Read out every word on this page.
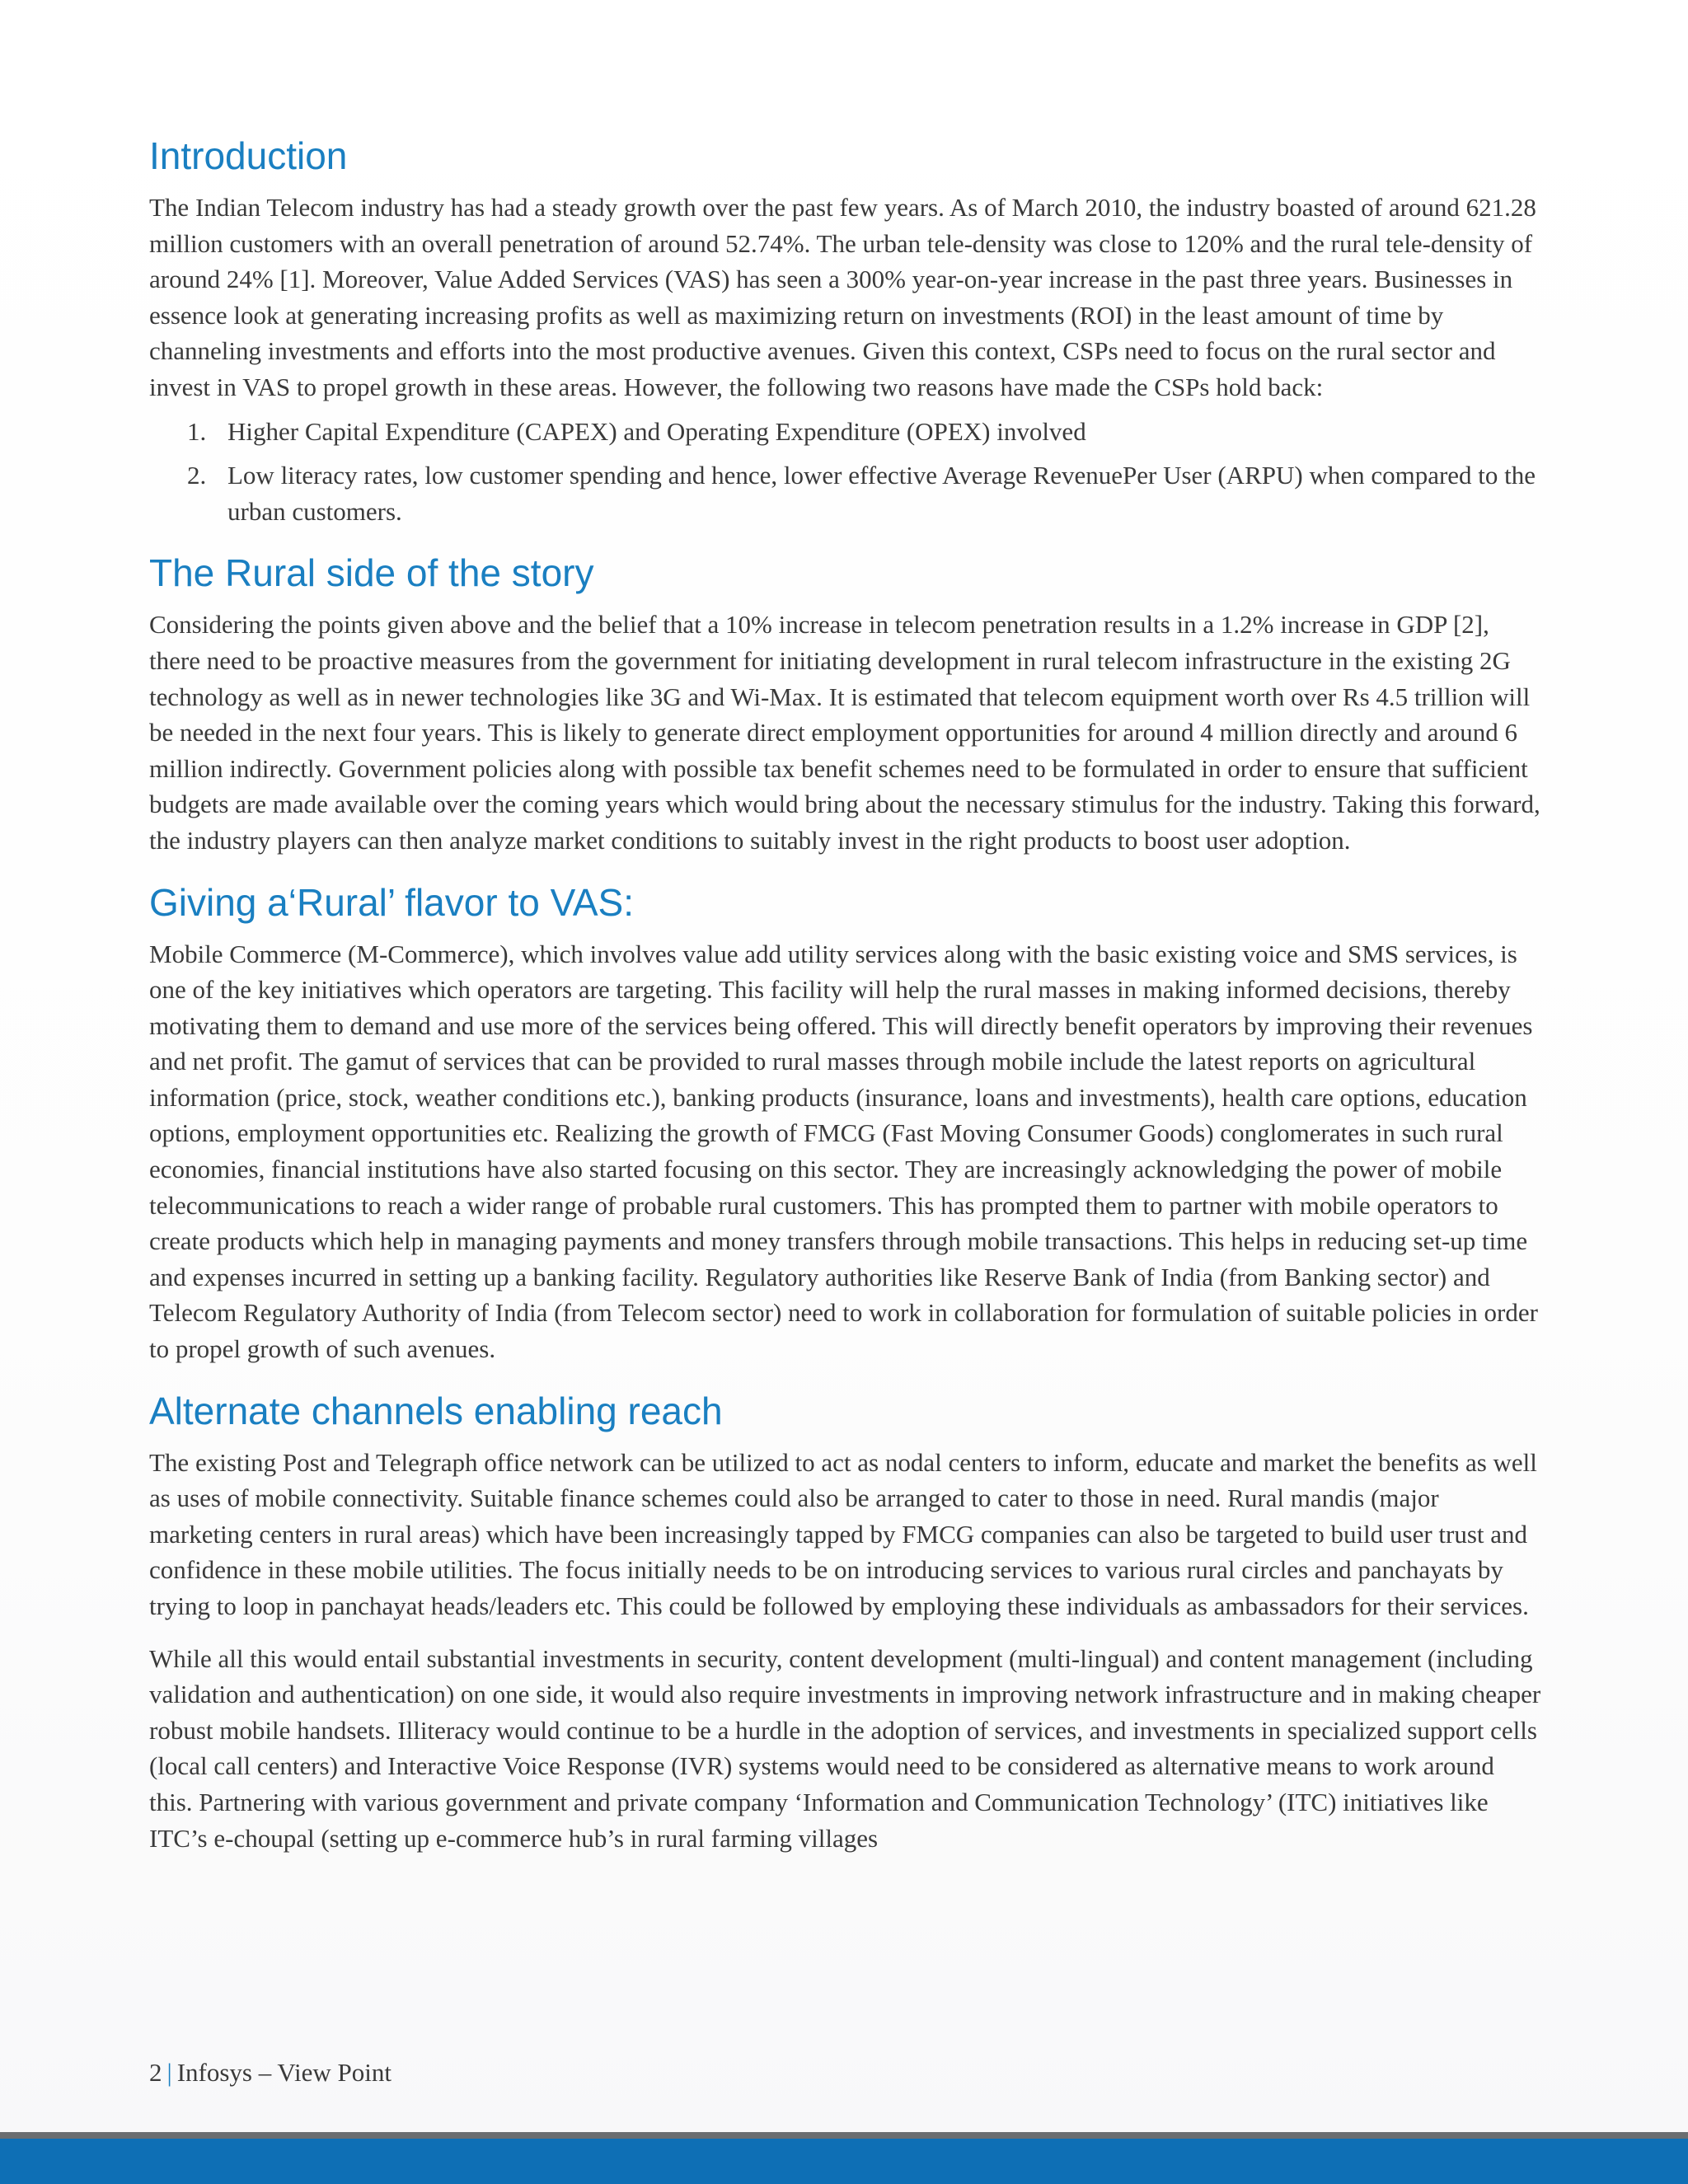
Introduction

The Indian Telecom industry has had a steady growth over the past few years. As of March 2010, the industry boasted of around 621.28 million customers with an overall penetration of around 52.74%. The urban tele-density was close to 120% and the rural tele-density of around 24% [1]. Moreover, Value Added Services (VAS) has seen a 300% year-on-year increase in the past three years. Businesses in essence look at generating increasing profits as well as maximizing return on investments (ROI) in the least amount of time by channeling investments and efforts into the most productive avenues. Given this context, CSPs need to focus on the rural sector and invest in VAS to propel growth in these areas. However, the following two reasons have made the CSPs hold back:

1. Higher Capital Expenditure (CAPEX) and Operating Expenditure (OPEX) involved
2. Low literacy rates, low customer spending and hence, lower effective Average RevenuePer User (ARPU) when compared to the urban customers.
The Rural side of the story

Considering the points given above and the belief that a 10% increase in telecom penetration results in a 1.2% increase in GDP [2], there need to be proactive measures from the government for initiating development in rural telecom infrastructure in the existing 2G technology as well as in newer technologies like 3G and Wi-Max. It is estimated that telecom equipment worth over Rs 4.5 trillion will be needed in the next four years. This is likely to generate direct employment opportunities for around 4 million directly and around 6 million indirectly. Government policies along with possible tax benefit schemes need to be formulated in order to ensure that sufficient budgets are made available over the coming years which would bring about the necessary stimulus for the industry. Taking this forward, the industry players can then analyze market conditions to suitably invest in the right products to boost user adoption.

Giving a‘Rural’ flavor to VAS:

Mobile Commerce (M-Commerce), which involves value add utility services along with the basic existing voice and SMS services, is one of the key initiatives which operators are targeting. This facility will help the rural masses in making informed decisions, thereby motivating them to demand and use more of the services being offered. This will directly benefit operators by improving their revenues and net profit. The gamut of services that can be provided to rural masses through mobile include the latest reports on agricultural information (price, stock, weather conditions etc.), banking products (insurance, loans and investments), health care options, education options, employment opportunities etc. Realizing the growth of FMCG (Fast Moving Consumer Goods) conglomerates in such rural economies, financial institutions have also started focusing on this sector. They are increasingly acknowledging the power of mobile telecommunications to reach a wider range of probable rural customers. This has prompted them to partner with mobile operators to create products which help in managing payments and money transfers through mobile transactions. This helps in reducing set-up time and expenses incurred in setting up a banking facility. Regulatory authorities like Reserve Bank of India (from Banking sector) and Telecom Regulatory Authority of India (from Telecom sector) need to work in collaboration for formulation of suitable policies in order to propel growth of such avenues.

Alternate channels enabling reach

The existing Post and Telegraph office network can be utilized to act as nodal centers to inform, educate and market the benefits as well as uses of mobile connectivity. Suitable finance schemes could also be arranged to cater to those in need. Rural mandis (major marketing centers in rural areas) which have been increasingly tapped by FMCG companies can also be targeted to build user trust and confidence in these mobile utilities. The focus initially needs to be on introducing services to various rural circles and panchayats by trying to loop in panchayat heads/leaders etc. This could be followed by employing these individuals as ambassadors for their services.

While all this would entail substantial investments in security, content development (multi-lingual) and content management (including validation and authentication) on one side, it would also require investments in improving network infrastructure and in making cheaper robust mobile handsets. Illiteracy would continue to be a hurdle in the adoption of services, and investments in specialized support cells (local call centers) and Interactive Voice Response (IVR) systems would need to be considered as alternative means to work around this. Partnering with various government and private company ‘Information and Communication Technology’ (ITC) initiatives like ITC’s e-choupal (setting up e-commerce hub’s in rural farming villages

2 | Infosys – View Point
